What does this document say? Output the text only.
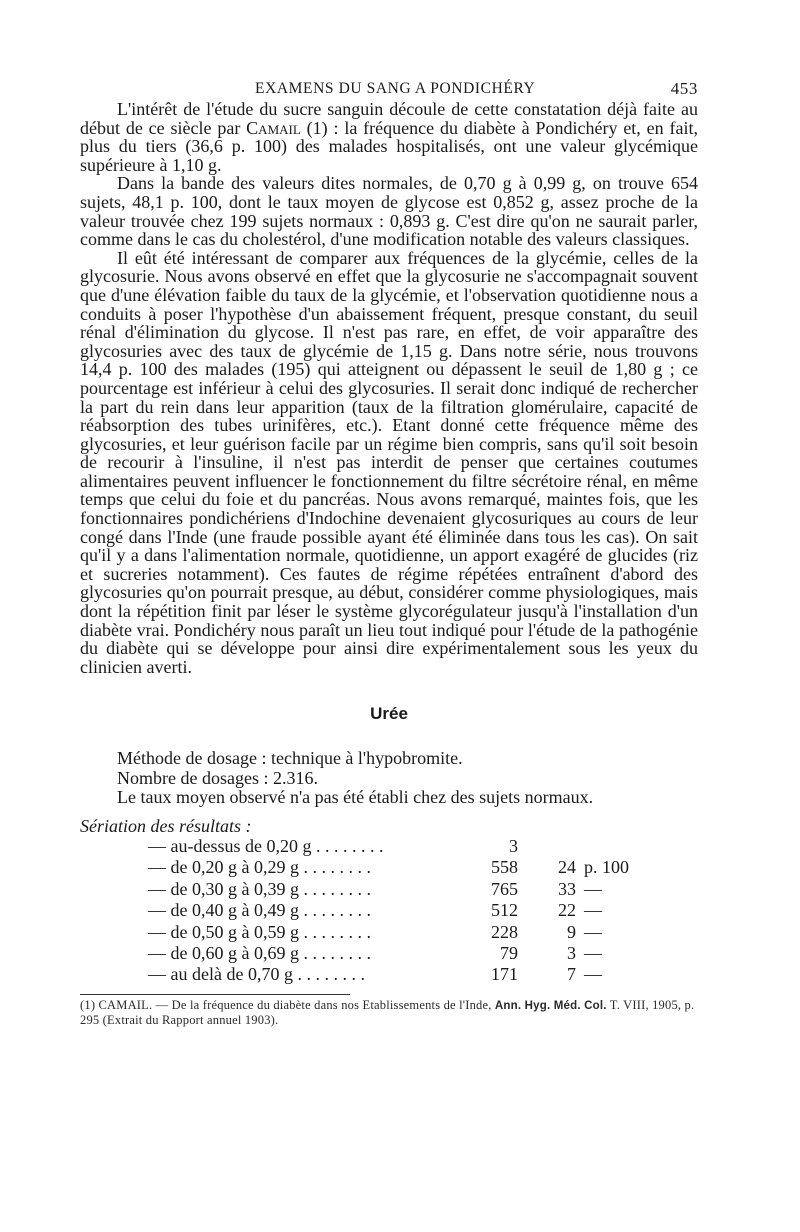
EXAMENS DU SANG A PONDICHÉRY	453

L'intérêt de l'étude du sucre sanguin découle de cette constatation déjà faite au début de ce siècle par Camail (1) : la fréquence du diabète à Pondichéry et, en fait, plus du tiers (36,6 p. 100) des malades hospitalisés, ont une valeur glycémique supérieure à 1,10 g.

Dans la bande des valeurs dites normales, de 0,70 g à 0,99 g, on trouve 654 sujets, 48,1 p. 100, dont le taux moyen de glycose est 0,852 g, assez proche de la valeur trouvée chez 199 sujets normaux : 0,893 g. C'est dire qu'on ne saurait parler, comme dans le cas du cholestérol, d'une modification notable des valeurs classiques.

Il eût été intéressant de comparer aux fréquences de la glycémie, celles de la glycosurie. Nous avons observé en effet que la glycosurie ne s'accompagnait souvent que d'une élévation faible du taux de la glycémie, et l'observation quotidienne nous a conduits à poser l'hypothèse d'un abaissement fréquent, presque constant, du seuil rénal d'élimination du glycose. Il n'est pas rare, en effet, de voir apparaître des glycosuries avec des taux de glycémie de 1,15 g. Dans notre série, nous trouvons 14,4 p. 100 des malades (195) qui atteignent ou dépassent le seuil de 1,80 g ; ce pourcentage est inférieur à celui des glycosuries. Il serait donc indiqué de rechercher la part du rein dans leur apparition (taux de la filtration glomérulaire, capacité de réabsorption des tubes urinifères, etc.). Etant donné cette fréquence même des glycosuries, et leur guérison facile par un régime bien compris, sans qu'il soit besoin de recourir à l'insuline, il n'est pas interdit de penser que certaines coutumes alimentaires peuvent influencer le fonctionnement du filtre sécrétoire rénal, en même temps que celui du foie et du pancréas. Nous avons remarqué, maintes fois, que les fonctionnaires pondichériens d'Indochine devenaient glycosuriques au cours de leur congé dans l'Inde (une fraude possible ayant été éliminée dans tous les cas). On sait qu'il y a dans l'alimentation normale, quotidienne, un apport exagéré de glucides (riz et sucreries notamment). Ces fautes de régime répétées entraînent d'abord des glycosuries qu'on pourrait presque, au début, considérer comme physiologiques, mais dont la répétition finit par léser le système glycorégulateur jusqu'à l'installation d'un diabète vrai. Pondichéry nous paraît un lieu tout indiqué pour l'étude de la pathogénie du diabète qui se développe pour ainsi dire expérimentalement sous les yeux du clinicien averti.

Urée

Méthode de dosage : technique à l'hypobromite.

Nombre de dosages : 2.316.

Le taux moyen observé n'a pas été établi chez des sujets normaux.

Sériation des résultats :
— au-dessus de 0,20 g . . . . . . . .	3		
— de 0,20 g à 0,29 g . . . . . . . .	558	24	p. 100
— de 0,30 g à 0,39 g . . . . . . . .	765	33	—
— de 0,40 g à 0,49 g . . . . . . . .	512	22	—
— de 0,50 g à 0,59 g . . . . . . . .	228	9	—
— de 0,60 g à 0,69 g . . . . . . . .	79	3	—
— au delà de 0,70 g . . . . . . . .	171	7	—
(1) CAMAIL. — De la fréquence du diabète dans nos Etablissements de l'Inde, Ann. Hyg. Méd. Col. T. VIII, 1905, p. 295 (Extrait du Rapport annuel 1903).
